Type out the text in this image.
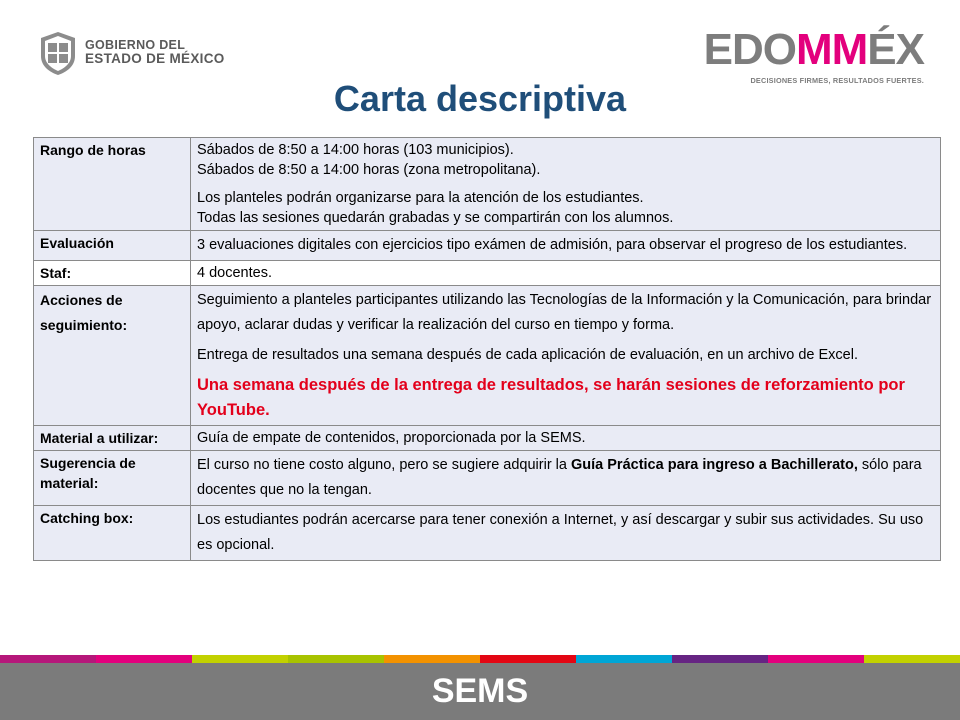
GOBIERNO DEL
ESTADO DE MÉXICO	EDO MM ÉX
DECISIONES FIRMES, RESULTADOS FUERTES.
Carta descriptiva
Rango de horas	Sábados de 8:50 a 14:00 horas (103 municipios).

Sábados de 8:50 a 14:00 horas (zona metropolitana).

Los planteles podrán organizarse para la atención de los estudiantes.

Todas las sesiones quedarán grabadas y se compartirán con los alumnos.

Evaluación	3 evaluaciones digitales con ejercicios tipo exámen de admisión, para observar el progreso de los estudiantes.

Staf:	4 docentes.

Acciones de seguimiento:	Seguimiento a planteles participantes utilizando las Tecnologías de la Información y la Comunicación, para brindar apoyo, aclarar dudas y verificar la realización del curso en tiempo y forma.

Entrega de resultados una semana después de cada aplicación de evaluación, en un archivo de Excel.

Una semana después de la entrega de resultados, se harán sesiones de reforzamiento por YouTube.

Material a utilizar:	Guía de empate de contenidos, proporcionada por la SEMS.

Sugerencia de material:	El curso no tiene costo alguno, pero se sugiere adquirir la Guía Práctica para ingreso a Bachillerato, sólo para docentes que no la tengan.

Catching box:	Los estudiantes podrán acercarse para tener conexión a Internet, y así descargar y subir sus actividades. Su uso es opcional.

SEMS
